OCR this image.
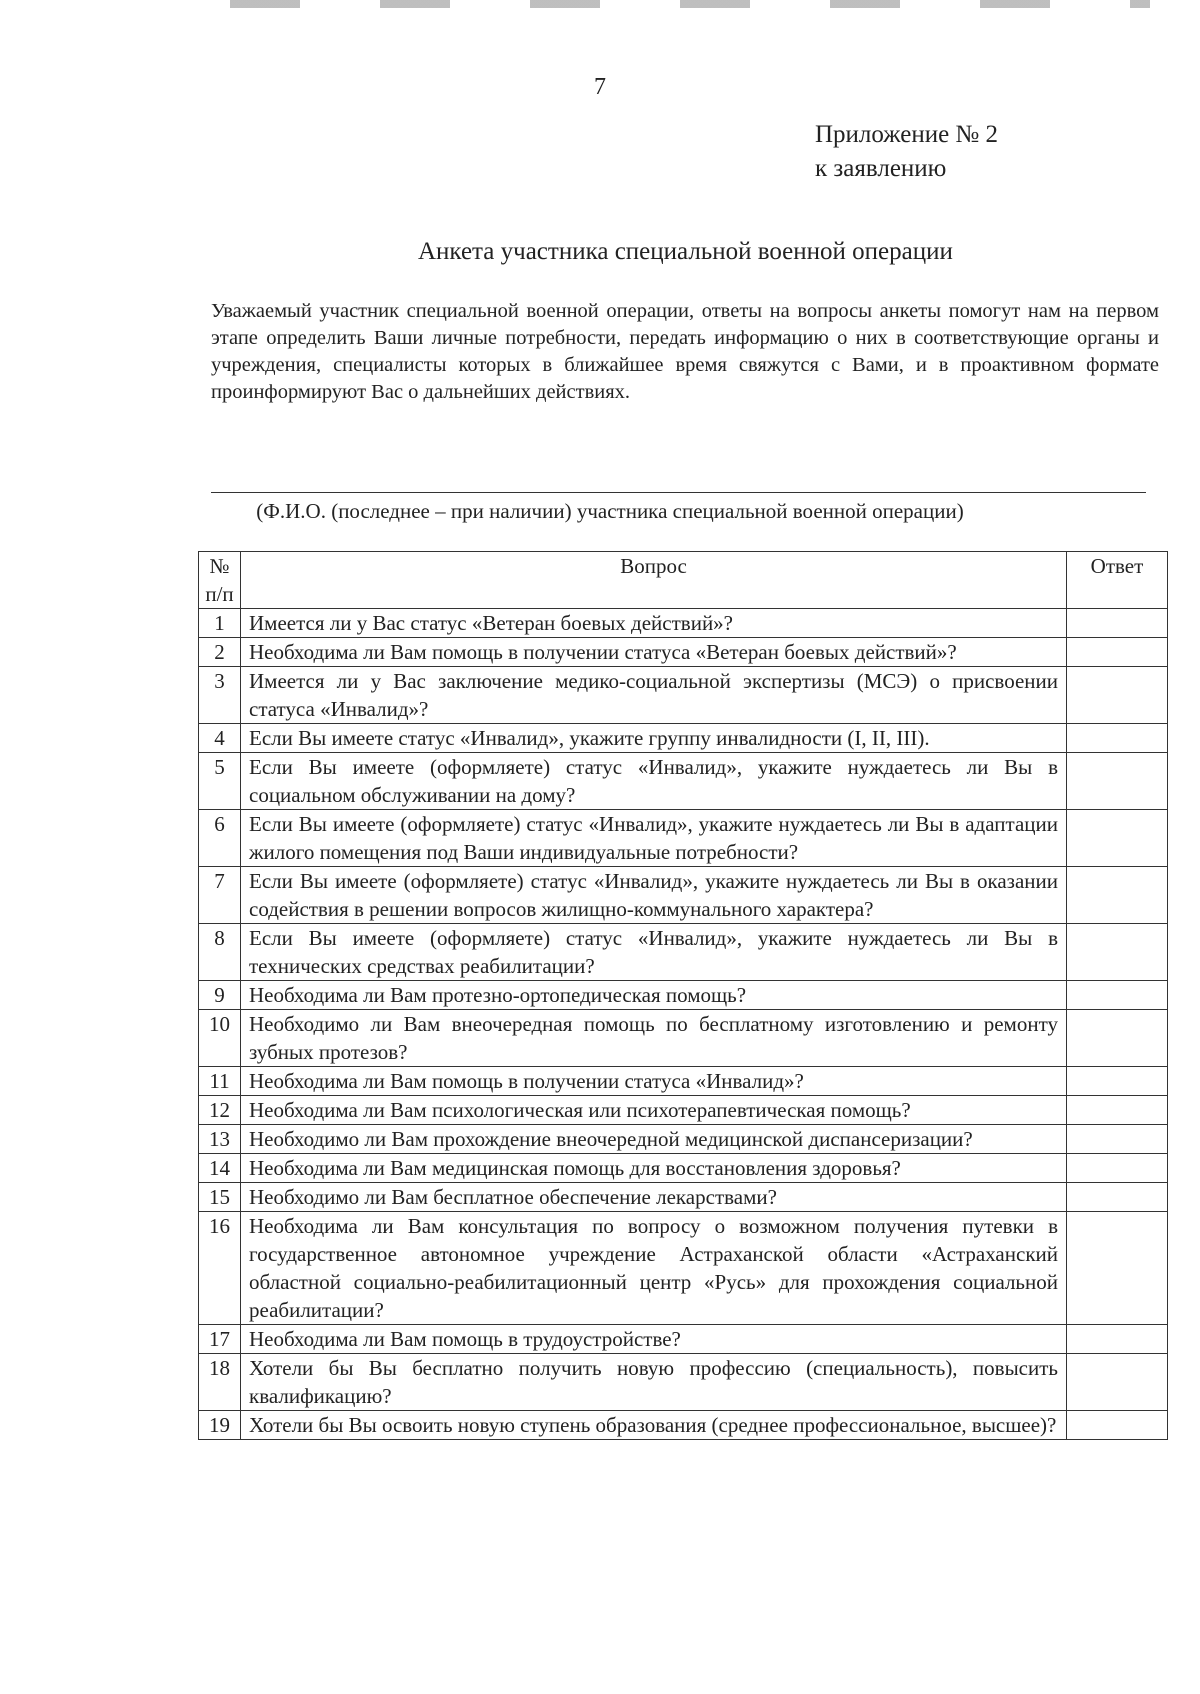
7
Приложение № 2
к заявлению
Анкета участника специальной военной операции

Уважаемый участник специальной военной операции, ответы на вопросы анкеты помогут нам на первом этапе определить Ваши личные потребности, передать информацию о них в соответствующие органы и учреждения, специалисты которых в ближайшее время свяжутся с Вами, и в проактивном формате проинформируют Вас о дальнейших действиях.

(Ф.И.О. (последнее – при наличии) участника специальной военной операции)
№ п/п	Вопрос	Ответ
1	Имеется ли у Вас статус «Ветеран боевых действий»?	
2	Необходима ли Вам помощь в получении статуса «Ветеран боевых действий»?	
3	Имеется ли у Вас заключение медико-социальной экспертизы (МСЭ) о присвоении статуса «Инвалид»?	
4	Если Вы имеете статус «Инвалид», укажите группу инвалидности (I, II, III).	
5	Если Вы имеете (оформляете) статус «Инвалид», укажите нуждаетесь ли Вы в социальном обслуживании на дому?	
6	Если Вы имеете (оформляете) статус «Инвалид», укажите нуждаетесь ли Вы в адаптации жилого помещения под Ваши индивидуальные потребности?	
7	Если Вы имеете (оформляете) статус «Инвалид», укажите нуждаетесь ли Вы в оказании содействия в решении вопросов жилищно-коммунального характера?	
8	Если Вы имеете (оформляете) статус «Инвалид», укажите нуждаетесь ли Вы в технических средствах реабилитации?	
9	Необходима ли Вам протезно-ортопедическая помощь?	
10	Необходимо ли Вам внеочередная помощь по бесплатному изготовлению и ремонту зубных протезов?	
11	Необходима ли Вам помощь в получении статуса «Инвалид»?	
12	Необходима ли Вам психологическая или психотерапевтическая помощь?	
13	Необходимо ли Вам прохождение внеочередной медицинской диспансеризации?	
14	Необходима ли Вам медицинская помощь для восстановления здоровья?	
15	Необходимо ли Вам бесплатное обеспечение лекарствами?	
16	Необходима ли Вам консультация по вопросу о возможном получения путевки в государственное автономное учреждение Астраханской области «Астраханский областной социально-реабилитационный центр «Русь» для прохождения социальной реабилитации?	
17	Необходима ли Вам помощь в трудоустройстве?	
18	Хотели бы Вы бесплатно получить новую профессию (специальность), повысить квалификацию?	
19	Хотели бы Вы освоить новую ступень образования (среднее профессиональное, высшее)?	
